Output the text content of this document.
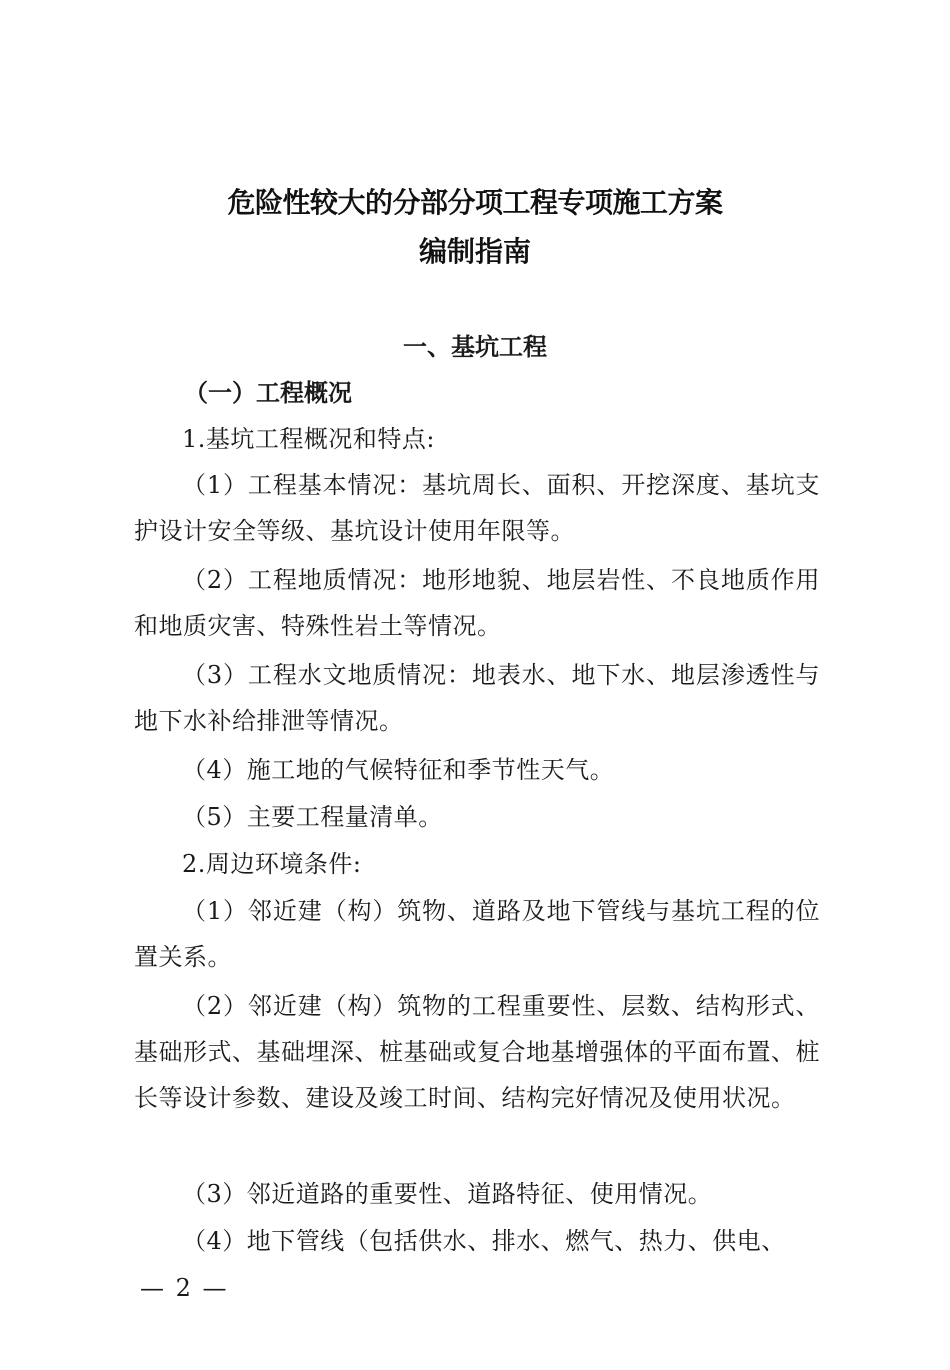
危险性较大的分部分项工程专项施工方案
编制指南
一、基坑工程
（一）工程概况
1.基坑工程概况和特点:
（1）工程基本情况：基坑周长、面积、开挖深度、基坑支护设计安全等级、基坑设计使用年限等。
（2）工程地质情况：地形地貌、地层岩性、不良地质作用和地质灾害、特殊性岩土等情况。
（3）工程水文地质情况：地表水、地下水、地层渗透性与地下水补给排泄等情况。
（4）施工地的气候特征和季节性天气。
（5）主要工程量清单。
2.周边环境条件:
（1）邻近建（构）筑物、道路及地下管线与基坑工程的位置关系。
（2）邻近建（构）筑物的工程重要性、层数、结构形式、基础形式、基础埋深、桩基础或复合地基增强体的平面布置、桩长等设计参数、建设及竣工时间、结构完好情况及使用状况。
（3）邻近道路的重要性、道路特征、使用情况。
（4）地下管线（包括供水、排水、燃气、热力、供电、
— 2 —
